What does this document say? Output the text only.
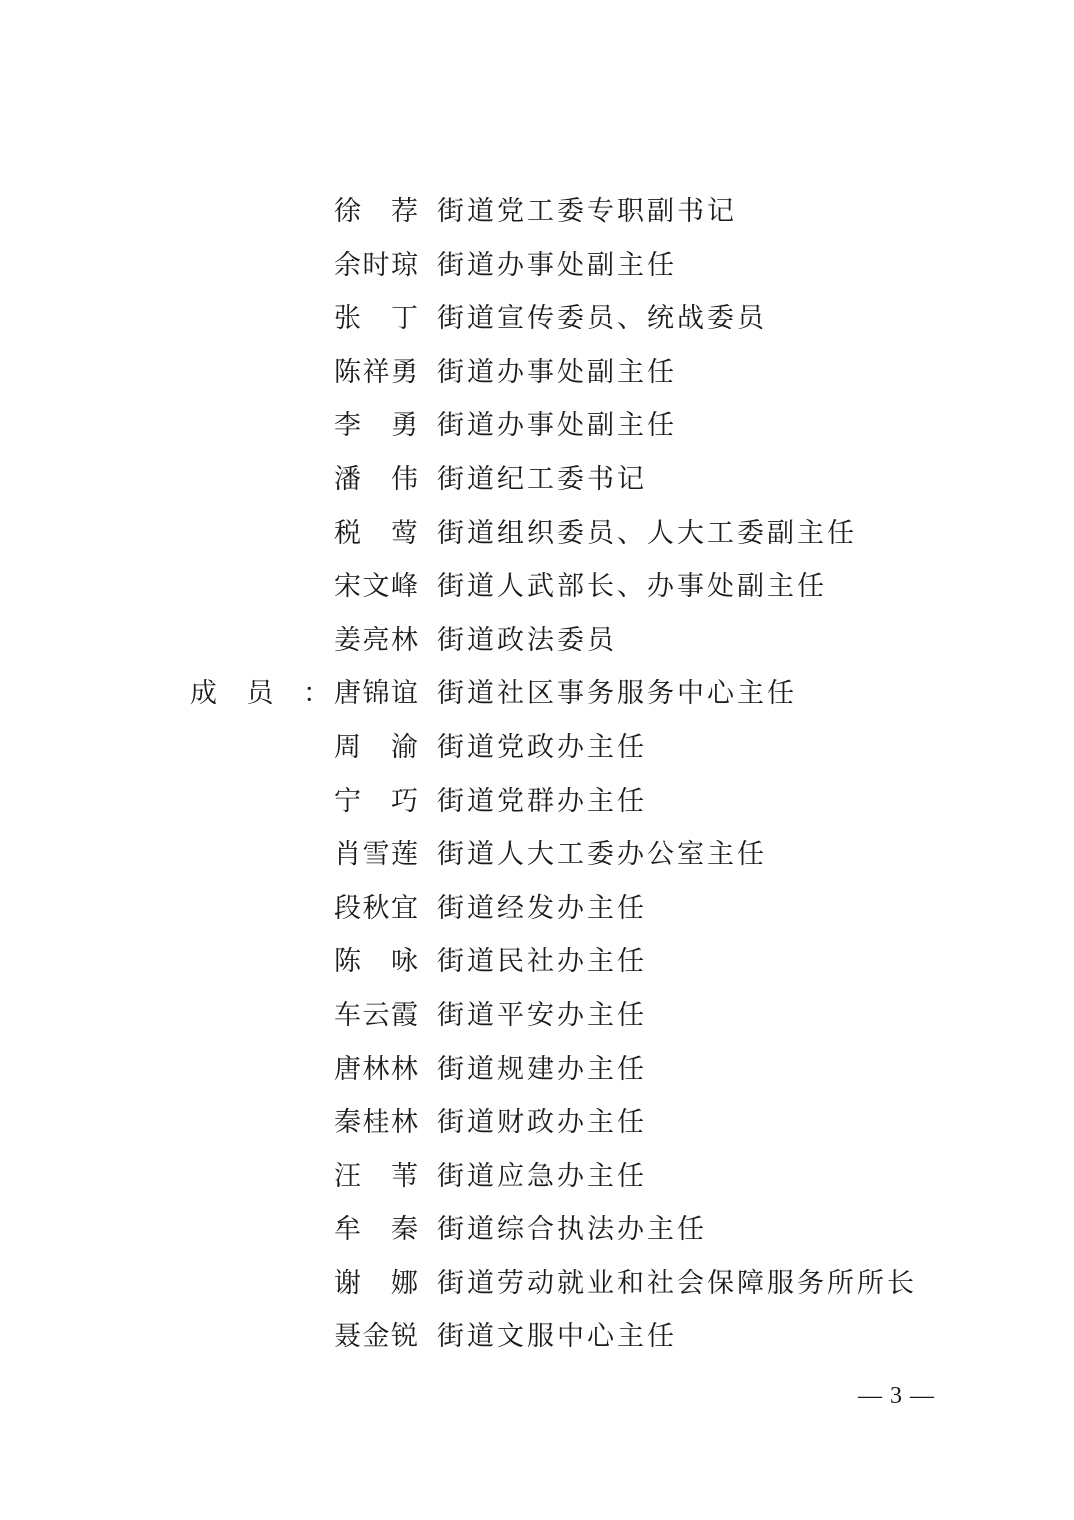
徐 荐 街道党工委专职副书记
余 时 琼 街道办事处副主任
张 丁 街道宣传委员、统战委员
陈 祥 勇 街道办事处副主任
李 勇 街道办事处副主任
潘 伟 街道纪工委书记
税 莺 街道组织委员、人大工委副主任
宋 文 峰 街道人武部长、办事处副主任
姜 亮 林 街道政法委员
成 员 ： 唐 锦 谊 街道社区事务服务中心主任
周 渝 街道党政办主任
宁 巧 街道党群办主任
肖 雪 莲 街道人大工委办公室主任
段 秋 宜 街道经发办主任
陈 咏 街道民社办主任
车 云 霞 街道平安办主任
唐 林 林 街道规建办主任
秦 桂 林 街道财政办主任
汪 苇 街道应急办主任
牟 秦 街道综合执法办主任
谢 娜 街道劳动就业和社会保障服务所所长
聂 金 锐 街道文服中心主任
— 3 —
